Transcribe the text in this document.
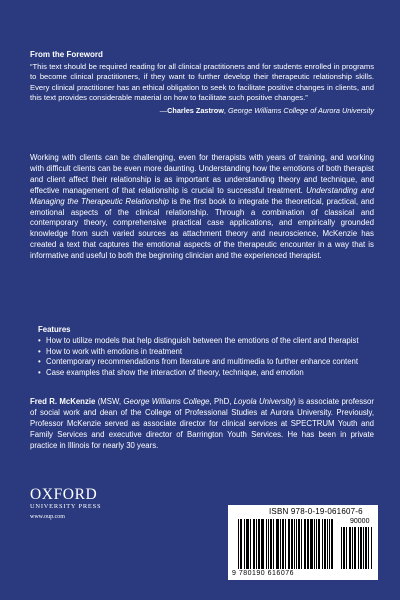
From the Foreword
“This text should be required reading for all clinical practitioners and for students enrolled in programs to become clinical practitioners, if they want to further develop their therapeutic relationship skills. Every clinical practitioner has an ethical obligation to seek to facilitate positive changes in clients, and this text provides considerable material on how to facilitate such positive changes.”
—Charles Zastrow, George Williams College of Aurora University
Working with clients can be challenging, even for therapists with years of training, and working with difficult clients can be even more daunting. Understanding how the emotions of both therapist and client affect their relationship is as important as understanding theory and technique, and effective management of that relationship is crucial to successful treatment. Understanding and Managing the Therapeutic Relationship is the first book to integrate the theoretical, practical, and emotional aspects of the clinical relationship. Through a combination of classical and contemporary theory, comprehensive practical case applications, and empirically grounded knowledge from such varied sources as attachment theory and neuroscience, McKenzie has created a text that captures the emotional aspects of the therapeutic encounter in a way that is informative and useful to both the beginning clinician and the experienced therapist.
Features
• How to utilize models that help distinguish between the emotions of the client and therapist
• How to work with emotions in treatment
• Contemporary recommendations from literature and multimedia to further enhance content
• Case examples that show the interaction of theory, technique, and emotion
Fred R. McKenzie (MSW, George Williams College, PhD, Loyola University) is associate professor of social work and dean of the College of Professional Studies at Aurora University. Previously, Professor McKenzie served as associate director for clinical services at SPECTRUM Youth and Family Services and executive director of Barrington Youth Services. He has been in private practice in Illinois for nearly 30 years.
OXFORD
UNIVERSITY PRESS
www.oup.com
ISBN 978-0-19-061607-6
90000
9 780190 616076
